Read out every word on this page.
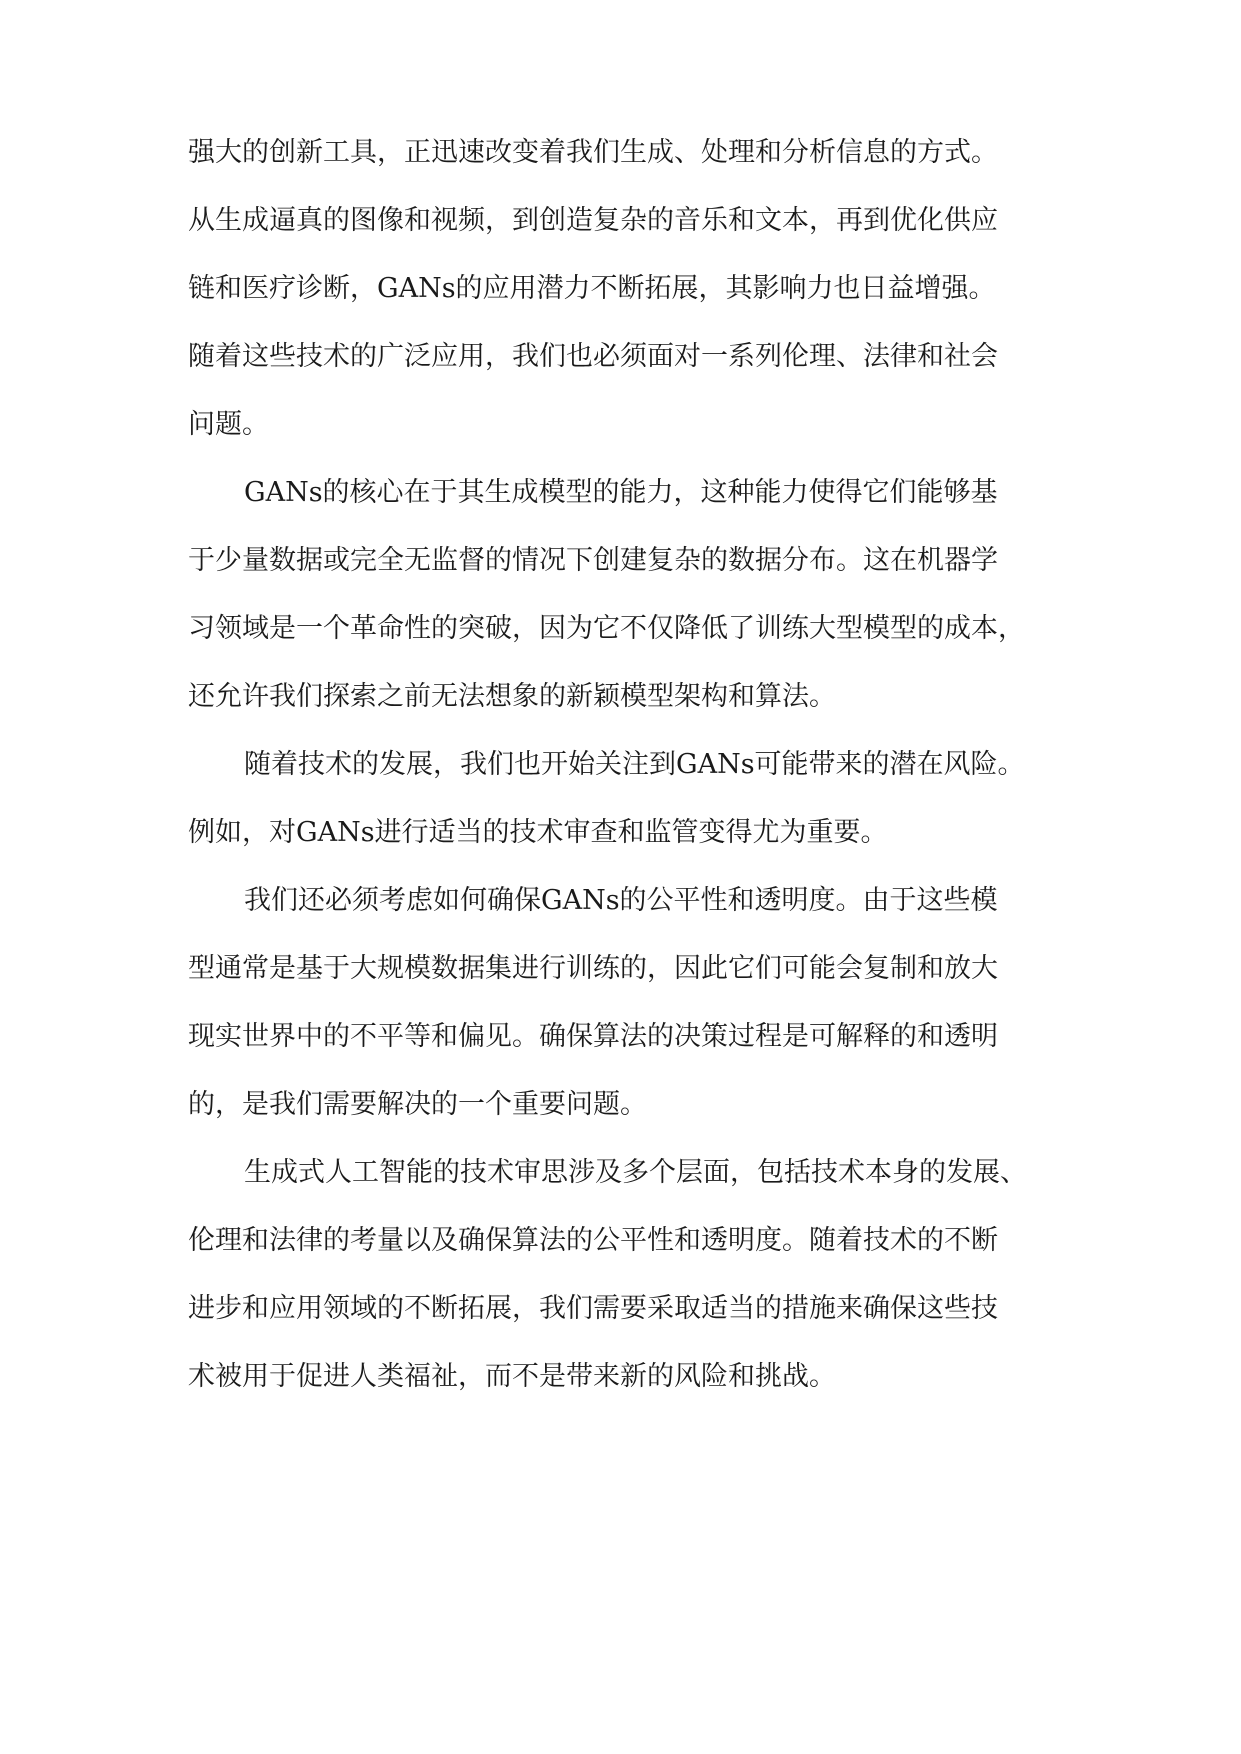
强大的创新工具，正迅速改变着我们生成、处理和分析信息的方式。
从生成逼真的图像和视频，到创造复杂的音乐和文本，再到优化供应
链和医疗诊断，GANs的应用潜力不断拓展，其影响力也日益增强。
随着这些技术的广泛应用，我们也必须面对一系列伦理、法律和社会
问题。
GANs的核心在于其生成模型的能力，这种能力使得它们能够基
于少量数据或完全无监督的情况下创建复杂的数据分布。这在机器学
习领域是一个革命性的突破，因为它不仅降低了训练大型模型的成本，
还允许我们探索之前无法想象的新颖模型架构和算法。
随着技术的发展，我们也开始关注到GANs可能带来的潜在风险。
例如，对GANs进行适当的技术审查和监管变得尤为重要。
我们还必须考虑如何确保GANs的公平性和透明度。由于这些模
型通常是基于大规模数据集进行训练的，因此它们可能会复制和放大
现实世界中的不平等和偏见。确保算法的决策过程是可解释的和透明
的，是我们需要解决的一个重要问题。
生成式人工智能的技术审思涉及多个层面，包括技术本身的发展、
伦理和法律的考量以及确保算法的公平性和透明度。随着技术的不断
进步和应用领域的不断拓展，我们需要采取适当的措施来确保这些技
术被用于促进人类福祉，而不是带来新的风险和挑战。
